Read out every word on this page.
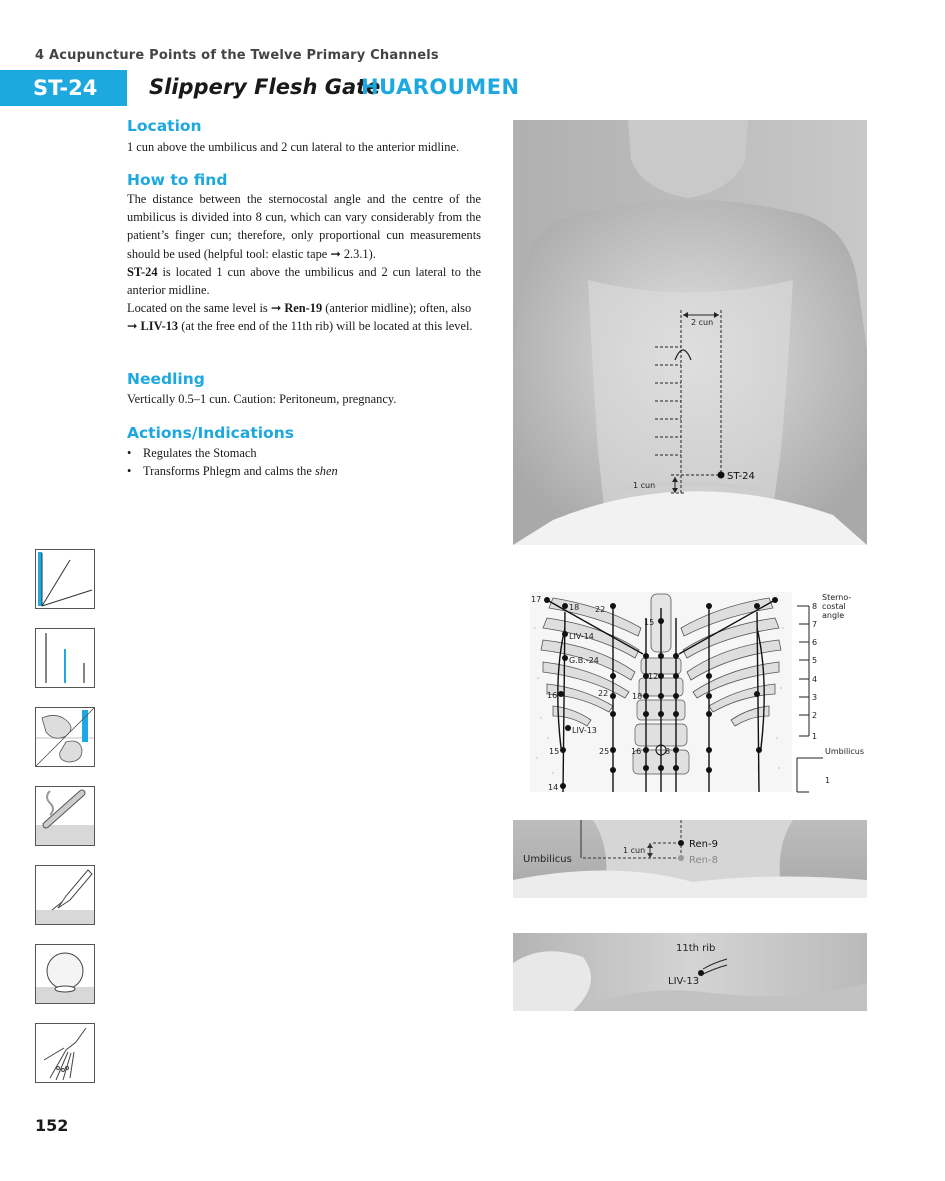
4 Acupuncture Points of the Twelve Primary Channels
ST-24	Slippery Flesh Gate
HUAROUMEN
Location
1 cun above the umbilicus and 2 cun lateral to the anterior midline.
How to find

The distance between the sternocostal angle and the centre of the umbilicus is divided into 8 cun, which can vary considerably from the patient’s finger cun; therefore, only proportional cun measurements should be used (helpful tool: elastic tape ➞ 2.3.1).

ST-24 is located 1 cun above the umbilicus and 2 cun lateral to the anterior midline.

Located on the same level is ➞ Ren-19 (anterior midline); often, also ➞ LIV-13 (at the free end of the 11th rib) will be located at this level.

Needling
Vertically 0.5–1 cun. Caution: Peritoneum, pregnancy.
Actions/Indications
• Regulates the Stomach
• Transforms Phlegm and calms the shen
2 cun
ST-24
1 cun
17
18 22
15
LIV-14
G.B.-24
12
16	22	18
LIV-13
15	25	16	8
14
8
7
6
5
4
3
2
1
1
Sterno-
costal
angle
Umbilicus
Ren-9
Ren-8
1 cun
Umbilicus
11th rib
LIV-13
152
